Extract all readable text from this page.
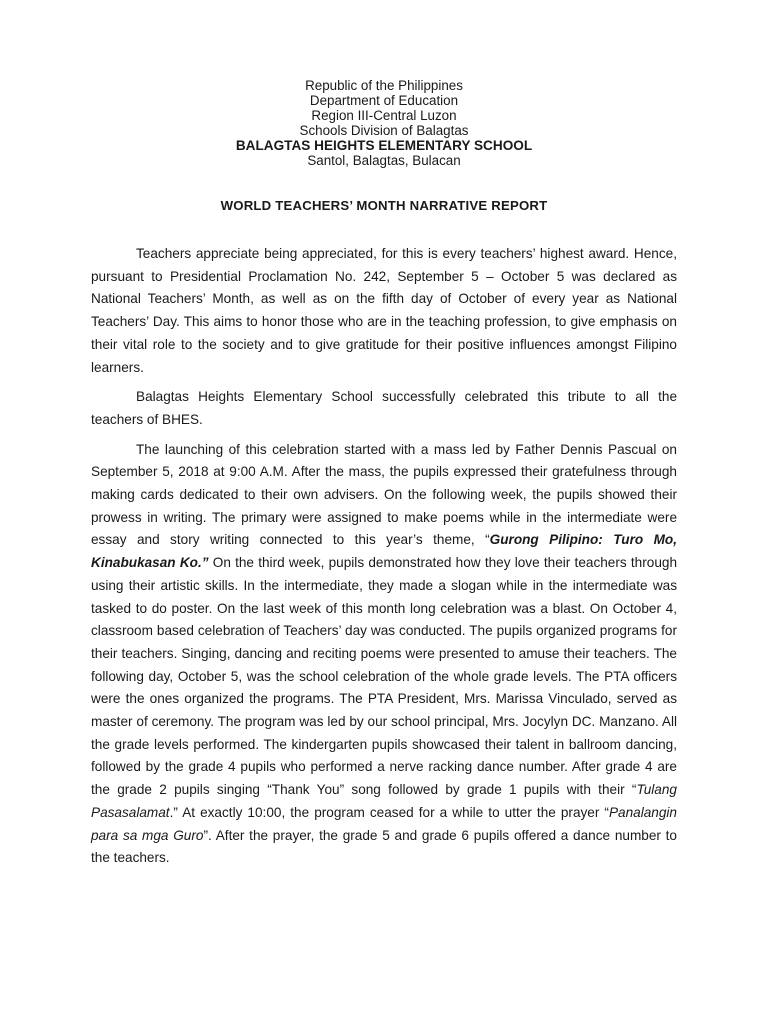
Republic of the Philippines
Department of Education
Region III-Central Luzon
Schools Division of Balagtas
BALAGTAS HEIGHTS ELEMENTARY SCHOOL
Santol, Balagtas, Bulacan
WORLD TEACHERS’ MONTH NARRATIVE REPORT

Teachers appreciate being appreciated, for this is every teachers’ highest award. Hence, pursuant to Presidential Proclamation No. 242, September 5 – October 5 was declared as National Teachers’ Month, as well as on the fifth day of October of every year as National Teachers’ Day. This aims to honor those who are in the teaching profession, to give emphasis on their vital role to the society and to give gratitude for their positive influences amongst Filipino learners.

Balagtas Heights Elementary School successfully celebrated this tribute to all the teachers of BHES.

The launching of this celebration started with a mass led by Father Dennis Pascual on September 5, 2018 at 9:00 A.M. After the mass, the pupils expressed their gratefulness through making cards dedicated to their own advisers. On the following week, the pupils showed their prowess in writing. The primary were assigned to make poems while in the intermediate were essay and story writing connected to this year’s theme, “Gurong Pilipino: Turo Mo, Kinabukasan Ko.” On the third week, pupils demonstrated how they love their teachers through using their artistic skills. In the intermediate, they made a slogan while in the intermediate was tasked to do poster. On the last week of this month long celebration was a blast. On October 4, classroom based celebration of Teachers’ day was conducted. The pupils organized programs for their teachers. Singing, dancing and reciting poems were presented to amuse their teachers. The following day, October 5, was the school celebration of the whole grade levels. The PTA officers were the ones organized the programs. The PTA President, Mrs. Marissa Vinculado, served as master of ceremony. The program was led by our school principal, Mrs. Jocylyn DC. Manzano. All the grade levels performed. The kindergarten pupils showcased their talent in ballroom dancing, followed by the grade 4 pupils who performed a nerve racking dance number. After grade 4 are the grade 2 pupils singing “Thank You” song followed by grade 1 pupils with their “Tulang Pasasalamat.” At exactly 10:00, the program ceased for a while to utter the prayer “Panalangin para sa mga Guro”. After the prayer, the grade 5 and grade 6 pupils offered a dance number to the teachers.
